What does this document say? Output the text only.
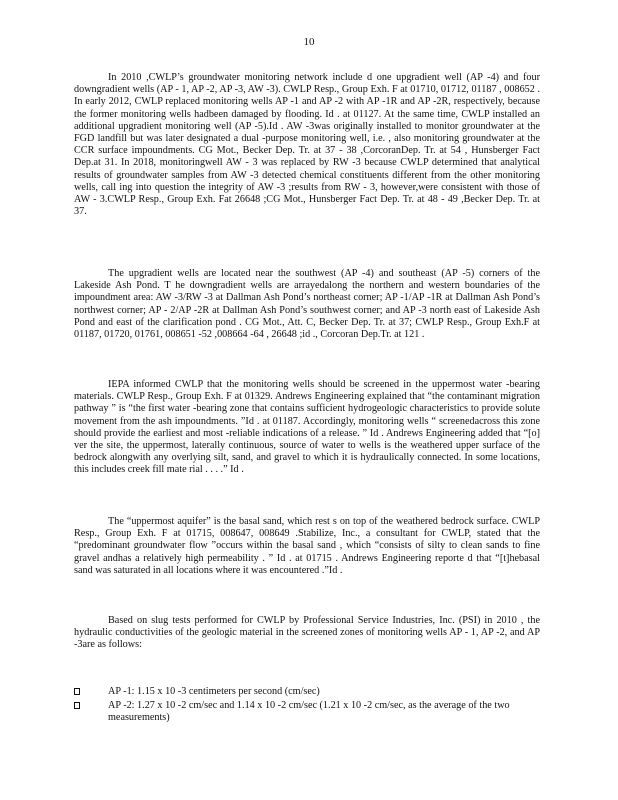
10

In 2010 ,CWLP’s groundwater monitoring network include d one upgradient well (AP -4) and four downgradient wells (AP - 1, AP -2, AP -3, AW -3). CWLP Resp., Group Exh. F at 01710, 01712, 01187 , 008652 . In early 2012, CWLP replaced monitoring wells AP -1 and AP -2 with AP -1R and AP -2R, respectively, because the former monitoring wells hadbeen damaged by flooding. Id . at 01127. At the same time, CWLP installed an additional upgradient monitoring well (AP -5).Id . AW -3was originally installed to monitor groundwater at the FGD landfill but was later designated a dual -purpose monitoring well, i.e. , also monitoring groundwater at the CCR surface impoundments. CG Mot., Becker Dep. Tr. at 37 - 38 ,CorcoranDep. Tr. at 54 , Hunsberger Fact Dep.at 31. In 2018, monitoringwell AW - 3 was replaced by RW -3 because CWLP determined that analytical results of groundwater samples from AW -3 detected chemical constituents different from the other monitoring wells, call ing into question the integrity of AW -3 ;results from RW - 3, however,were consistent with those of AW - 3.CWLP Resp., Group Exh. Fat 26648 ;CG Mot., Hunsberger Fact Dep. Tr. at 48 - 49 ,Becker Dep. Tr. at 37.

The upgradient wells are located near the southwest (AP -4) and southeast (AP -5) corners of the Lakeside Ash Pond. T he downgradient wells are arrayedalong the northern and western boundaries of the impoundment area: AW -3/RW -3 at Dallman Ash Pond’s northeast corner; AP -1/AP -1R at Dallman Ash Pond’s northwest corner; AP - 2/AP -2R at Dallman Ash Pond’s southwest corner; and AP -3 north east of Lakeside Ash Pond and east of the clarification pond . CG Mot., Att. C, Becker Dep. Tr. at 37; CWLP Resp., Group Exh.F at 01187, 01720, 01761, 008651 -52 ,008664 -64 , 26648 ;id ., Corcoran Dep.Tr. at 121 .

IEPA informed CWLP that the monitoring wells should be screened in the uppermost water -bearing materials. CWLP Resp., Group Exh. F at 01329. Andrews Engineering explained that “the contaminant migration pathway ” is “the first water -bearing zone that contains sufficient hydrogeologic characteristics to provide solute movement from the ash impoundments. ”Id . at 01187. Accordingly, monitoring wells “ screenedacross this zone should provide the earliest and most -reliable indications of a release. ” Id . Andrews Engineering added that “[o] ver the site, the uppermost, laterally continuous, source of water to wells is the weathered upper surface of the bedrock alongwith any overlying silt, sand, and gravel to which it is hydraulically connected. In some locations, this includes creek fill mate rial . . . .” Id .

The “uppermost aquifer” is the basal sand, which rest s on top of the weathered bedrock surface. CWLP Resp., Group Exh. F at 01715, 008647, 008649 .Stabilize, Inc., a consultant for CWLP, stated that the “predominant groundwater flow ”occurs within the basal sand , which “consists of silty to clean sands to fine gravel andhas a relatively high permeability . ” Id . at 01715 . Andrews Engineering reporte d that “[t]hebasal sand was saturated in all locations where it was encountered .”Id .

Based on slug tests performed for CWLP by Professional Service Industries, Inc. (PSI) in 2010 , the hydraulic conductivities of the geologic material in the screened zones of monitoring wells AP - 1, AP -2, and AP -3are as follows:

AP -1: 1.15 x 10 -3 centimeters per second (cm/sec)
AP -2: 1.27 x 10 -2 cm/sec and 1.14 x 10 -2 cm/sec (1.21 x 10 -2 cm/sec, as the average of the two measurements)
